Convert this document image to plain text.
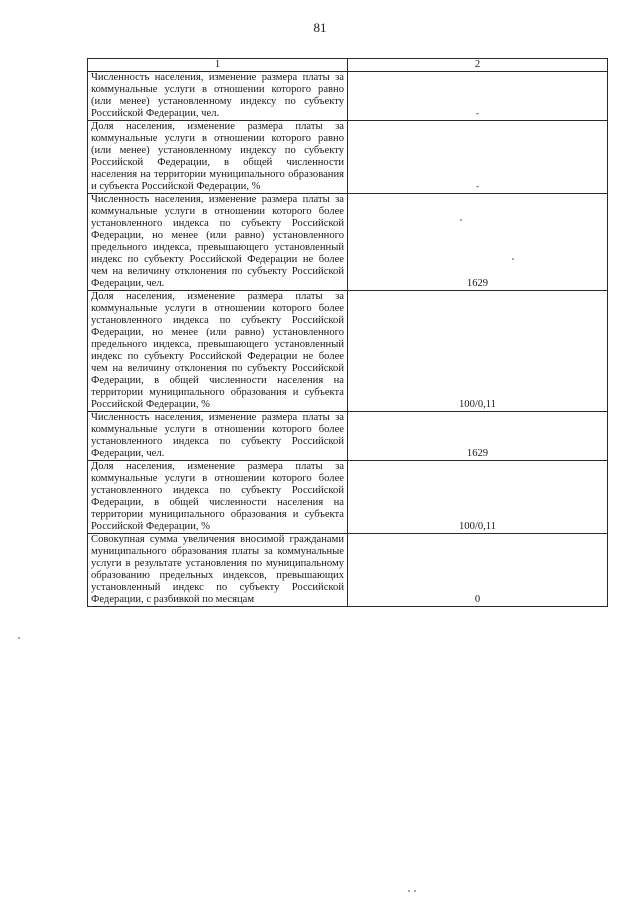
81
1	2
Численность населения, изменение размера платы за коммунальные услуги в отношении которого равно (или менее) установленному индексу по субъекту Российской Федерации, чел.	-
Доля населения, изменение размера платы за коммунальные услуги в отношении которого равно (или менее) установленному индексу по субъекту Российской Федерации, в общей численности населения на территории муниципального образования и субъекта Российской Федерации, %	-
Численность населения, изменение размера платы за коммунальные услуги в отношении которого более установленного индекса по субъекту Российской Федерации, но менее (или равно) установленного предельного индекса, превышающего установленный индекс по субъекту Российской Федерации не более чем на величину отклонения по субъекту Российской Федерации, чел.	1629
Доля населения, изменение размера платы за коммунальные услуги в отношении которого более установленного индекса по субъекту Российской Федерации, но менее (или равно) установленного предельного индекса, превышающего установленный индекс по субъекту Российской Федерации не более чем на величину отклонения по субъекту Российской Федерации, в общей численности населения на территории муниципального образования и субъекта Российской Федерации, %	100/0,11
Численность населения, изменение размера платы за коммунальные услуги в отношении которого более установленного индекса по субъекту Российской Федерации, чел.	1629
Доля населения, изменение размера платы за коммунальные услуги в отношении которого более установленного индекса по субъекту Российской Федерации, в общей численности населения на территории муниципального образования и субъекта Российской Федерации, %	100/0,11
Совокупная сумма увеличения вносимой гражданами муниципального образования платы за коммунальные услуги в результате установления по муниципальному образованию предельных индексов, превышающих установленный индекс по субъекту Российской Федерации, с разбивкой по месяцам	0
